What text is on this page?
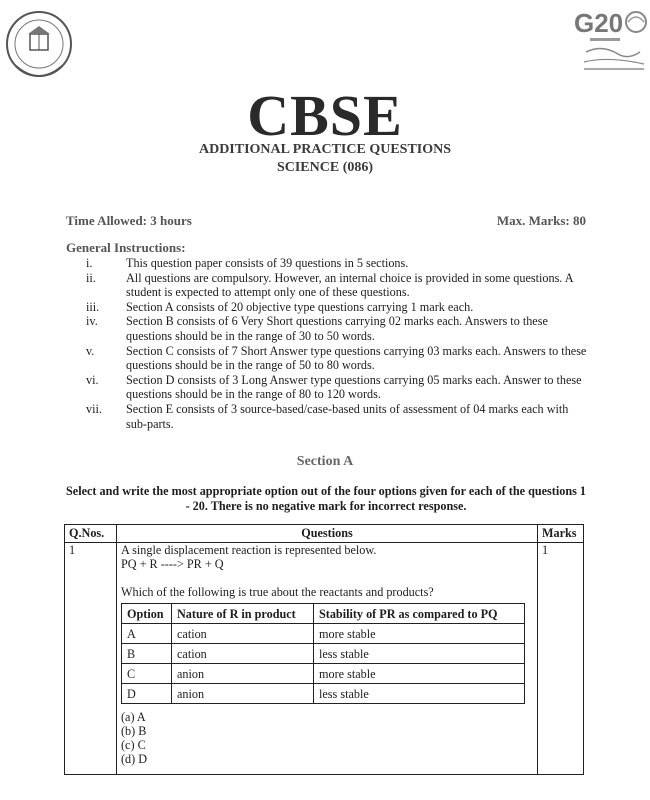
G20
CBSE
ADDITIONAL PRACTICE QUESTIONS
SCIENCE (086)
Time Allowed: 3 hours	Max. Marks: 80
General Instructions:
i.	This question paper consists of 39 questions in 5 sections.
ii.	All questions are compulsory. However, an internal choice is provided in some questions. A student is expected to attempt only one of these questions.
iii.	Section A consists of 20 objective type questions carrying 1 mark each.
iv.	Section B consists of 6 Very Short questions carrying 02 marks each. Answers to these questions should be in the range of 30 to 50 words.
v.	Section C consists of 7 Short Answer type questions carrying 03 marks each. Answers to these questions should be in the range of 50 to 80 words.
vi.	Section D consists of 3 Long Answer type questions carrying 05 marks each. Answer to these questions should be in the range of 80 to 120 words.
vii.	Section E consists of 3 source-based/case-based units of assessment of 04 marks each with sub-parts.
Section A
Select and write the most appropriate option out of the four options given for each of the questions 1 - 20. There is no negative mark for incorrect response.
Q.Nos.	Questions	Marks
1	A single displacement reaction is represented below.
PQ + R ----> PR + Q
Which of the following is true about the reactants and products?
Option	Nature of R in product	Stability of PR as compared to PQ
A	cation	more stable
B	cation	less stable
C	anion	more stable
D	anion	less stable
(a) A
(b) B
(c) C
(d) D
	1
